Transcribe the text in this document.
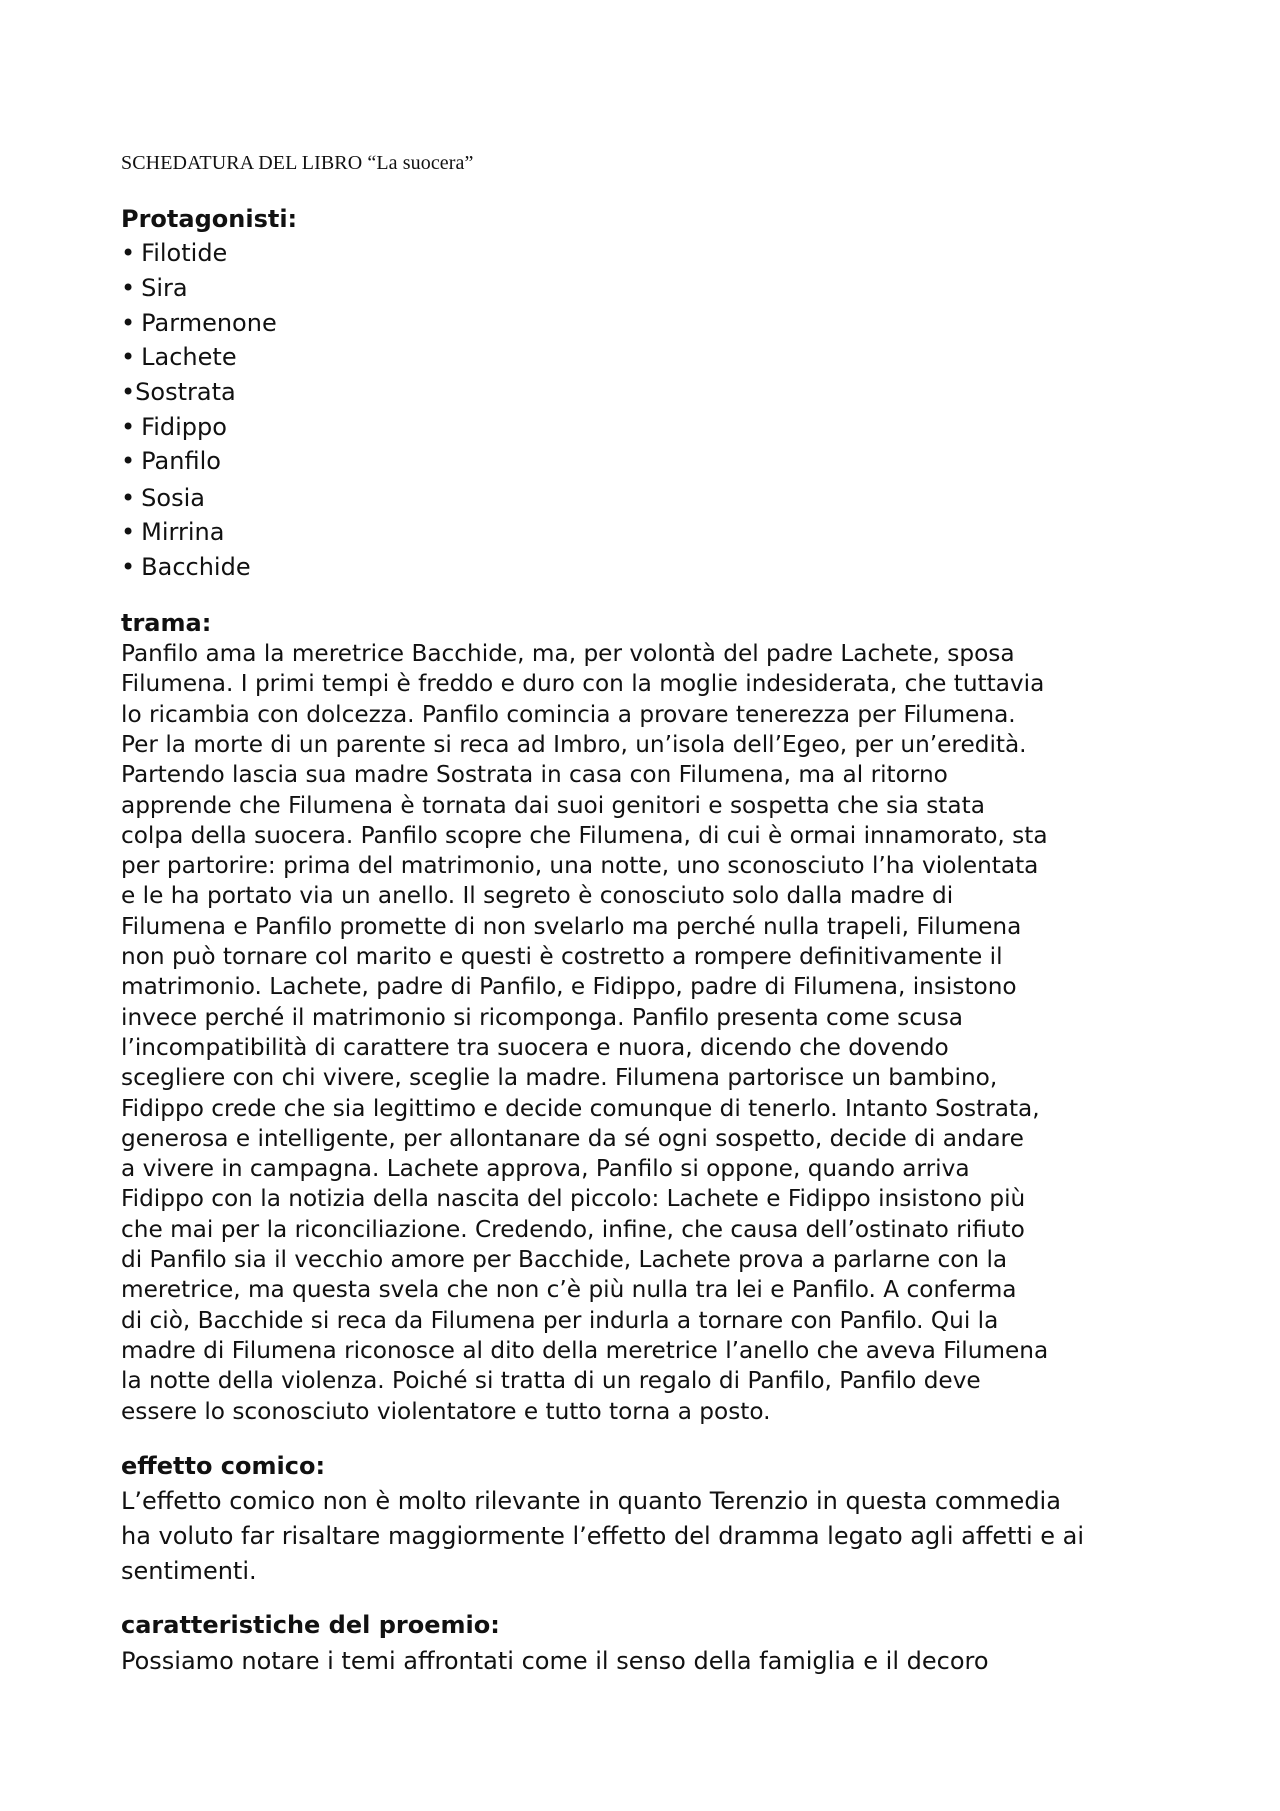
SCHEDATURA DEL LIBRO “La suocera”
Protagonisti:
• Filotide
• Sira
• Parmenone
• Lachete
•Sostrata
• Fidippo
• Panfilo
• Sosia
• Mirrina
• Bacchide
trama:
Panfilo ama la meretrice Bacchide, ma, per volontà del padre Lachete, sposa
Filumena. I primi tempi è freddo e duro con la moglie indesiderata, che tuttavia
lo ricambia con dolcezza. Panfilo comincia a provare tenerezza per Filumena.
Per la morte di un parente si reca ad Imbro, un’isola dell’Egeo, per un’eredità.
Partendo lascia sua madre Sostrata in casa con Filumena, ma al ritorno
apprende che Filumena è tornata dai suoi genitori e sospetta che sia stata
colpa della suocera. Panfilo scopre che Filumena, di cui è ormai innamorato, sta
per partorire: prima del matrimonio, una notte, uno sconosciuto l’ha violentata
e le ha portato via un anello. Il segreto è conosciuto solo dalla madre di
Filumena e Panfilo promette di non svelarlo ma perché nulla trapeli, Filumena
non può tornare col marito e questi è costretto a rompere definitivamente il
matrimonio. Lachete, padre di Panfilo, e Fidippo, padre di Filumena, insistono
invece perché il matrimonio si ricomponga. Panfilo presenta come scusa
l’incompatibilità di carattere tra suocera e nuora, dicendo che dovendo
scegliere con chi vivere, sceglie la madre. Filumena partorisce un bambino,
Fidippo crede che sia legittimo e decide comunque di tenerlo. Intanto Sostrata,
generosa e intelligente, per allontanare da sé ogni sospetto, decide di andare
a vivere in campagna. Lachete approva, Panfilo si oppone, quando arriva
Fidippo con la notizia della nascita del piccolo: Lachete e Fidippo insistono più
che mai per la riconciliazione. Credendo, infine, che causa dell’ostinato rifiuto
di Panfilo sia il vecchio amore per Bacchide, Lachete prova a parlarne con la
meretrice, ma questa svela che non c’è più nulla tra lei e Panfilo. A conferma
di ciò, Bacchide si reca da Filumena per indurla a tornare con Panfilo. Qui la
madre di Filumena riconosce al dito della meretrice l’anello che aveva Filumena
la notte della violenza. Poiché si tratta di un regalo di Panfilo, Panfilo deve
essere lo sconosciuto violentatore e tutto torna a posto.
effetto comico:
L’effetto comico non è molto rilevante in quanto Terenzio in questa commedia
ha voluto far risaltare maggiormente l’effetto del dramma legato agli affetti e ai
sentimenti.
caratteristiche del proemio:
Possiamo notare i temi affrontati come il senso della famiglia e il decoro
